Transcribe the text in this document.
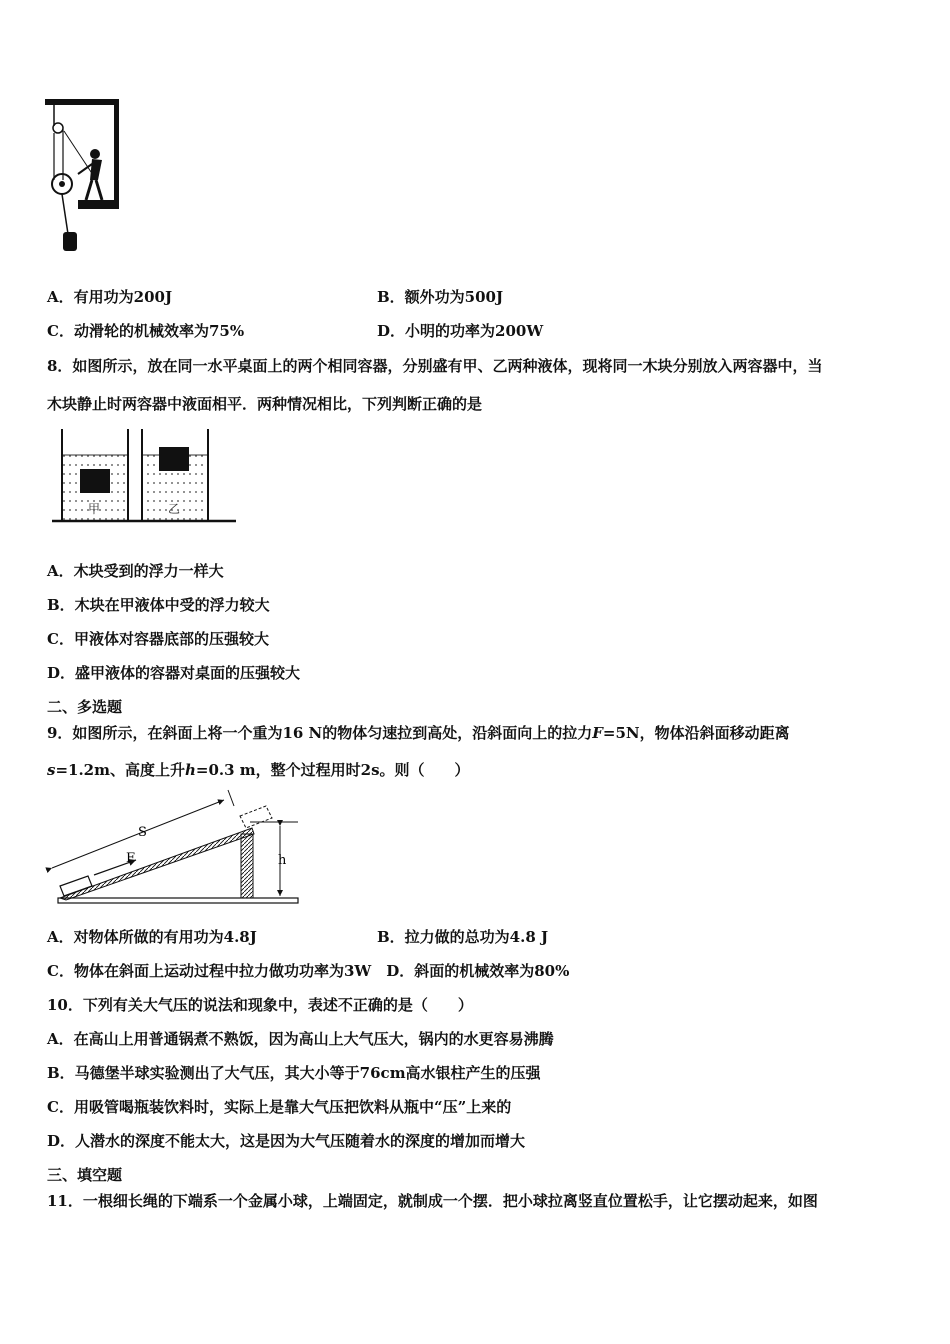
A．有用功为200J	B．额外功为500J
C．动滑轮的机械效率为75%	D．小明的功率为200W
8．如图所示，放在同一水平桌面上的两个相同容器，分别盛有甲、乙两种液体，现将同一木块分别放入两容器中，当
木块静止时两容器中液面相平．两种情况相比，下列判断正确的是
甲	乙
A．木块受到的浮力一样大
B．木块在甲液体中受的浮力较大
C．甲液体对容器底部的压强较大
D．盛甲液体的容器对桌面的压强较大
二、多选题
9．如图所示，在斜面上将一个重为16 N的物体匀速拉到高处，沿斜面向上的拉力F=5N，物体沿斜面移动距离
s=1.2m、高度上升h=0.3 m，整个过程用时2s。则（　　）
S
F	h
A．对物体所做的有用功为4.8J	B．拉力做的总功为4.8 J
C．物体在斜面上运动过程中拉力做功功率为3W　D．斜面的机械效率为80%
10．下列有关大气压的说法和现象中，表述不正确的是（　　）
A．在高山上用普通锅煮不熟饭，因为高山上大气压大，锅内的水更容易沸腾
B．马德堡半球实验测出了大气压，其大小等于76cm高水银柱产生的压强
C．用吸管喝瓶装饮料时，实际上是靠大气压把饮料从瓶中“压”上来的
D．人潜水的深度不能太大，这是因为大气压随着水的深度的增加而增大
三、填空题
11．一根细长绳的下端系一个金属小球，上端固定，就制成一个摆．把小球拉离竖直位置松手，让它摆动起来，如图
